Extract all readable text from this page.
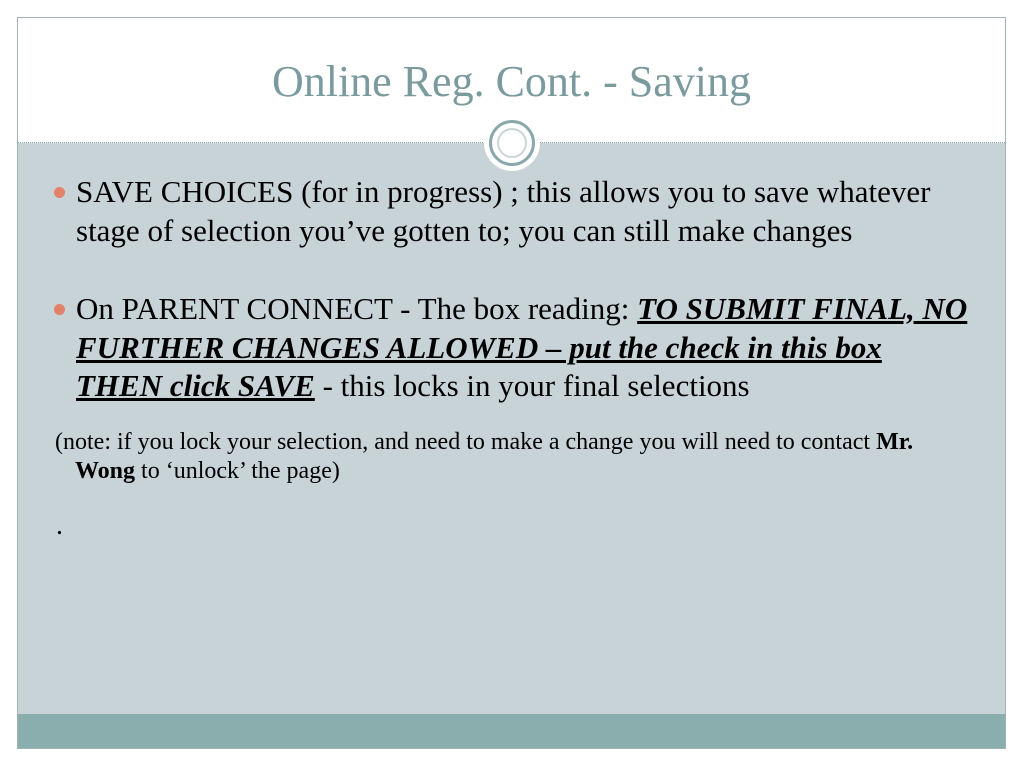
Online Reg. Cont. - Saving

SAVE CHOICES (for in progress) ; this allows you to save whatever stage of selection you’ve gotten to; you can still make changes

On PARENT CONNECT - The box reading: TO SUBMIT FINAL, NO FURTHER CHANGES ALLOWED – put the check in this box THEN click SAVE - this locks in your final selections

(note: if you lock your selection, and need to make a change you will need to contact Mr. Wong to ‘unlock’ the page)

.
